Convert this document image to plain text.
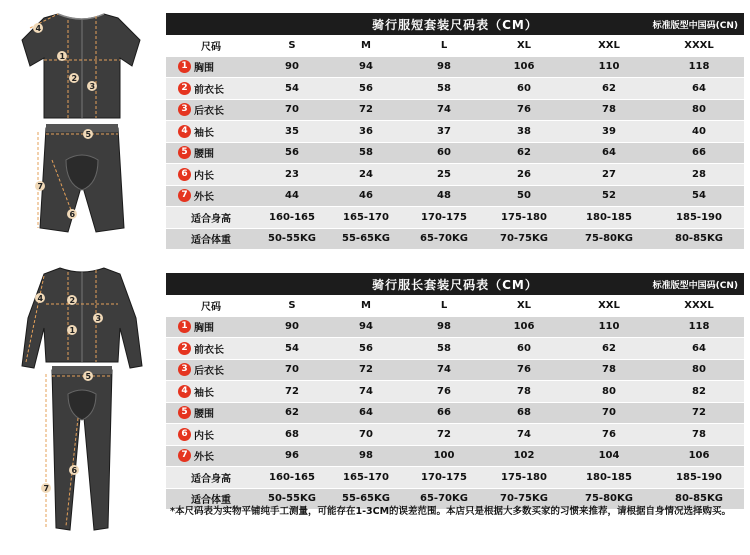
4
1
2
3
5
7
6
骑行服短套装尺码表（CM）	标准版型中国码(CN)
尺码	S	M	L	XL	XXL	XXXL
1 胸围	90	94	98	106	110	118
2 前衣长	54	56	58	60	62	64
3 后衣长	70	72	74	76	78	80
4 袖长	35	36	37	38	39	40
5 腰围	56	58	60	62	64	66
6 内长	23	24	25	26	27	28
7 外长	44	46	48	50	52	54
适合身高	160-165	165-170	170-175	175-180	180-185	185-190
适合体重	50-55KG	55-65KG	65-70KG	70-75KG	75-80KG	80-85KG
4	2
1
3
5
6
7
骑行服长套装尺码表（CM）	标准版型中国码(CN)
尺码	S	M	L	XL	XXL	XXXL
1 胸围	90	94	98	106	110	118
2 前衣长	54	56	58	60	62	64
3 后衣长	70	72	74	76	78	80
4 袖长	72	74	76	78	80	82
5 腰围	62	64	66	68	70	72
6 内长	68	70	72	74	76	78
7 外长	96	98	100	102	104	106
适合身高	160-165	165-170	170-175	175-180	180-185	185-190
适合体重	50-55KG	55-65KG	65-70KG	70-75KG	75-80KG	80-85KG
*本尺码表为实物平铺纯手工测量，可能存在1-3CM的误差范围。本店只是根据大多数买家的习惯来推荐，请根据自身情况选择购买。
